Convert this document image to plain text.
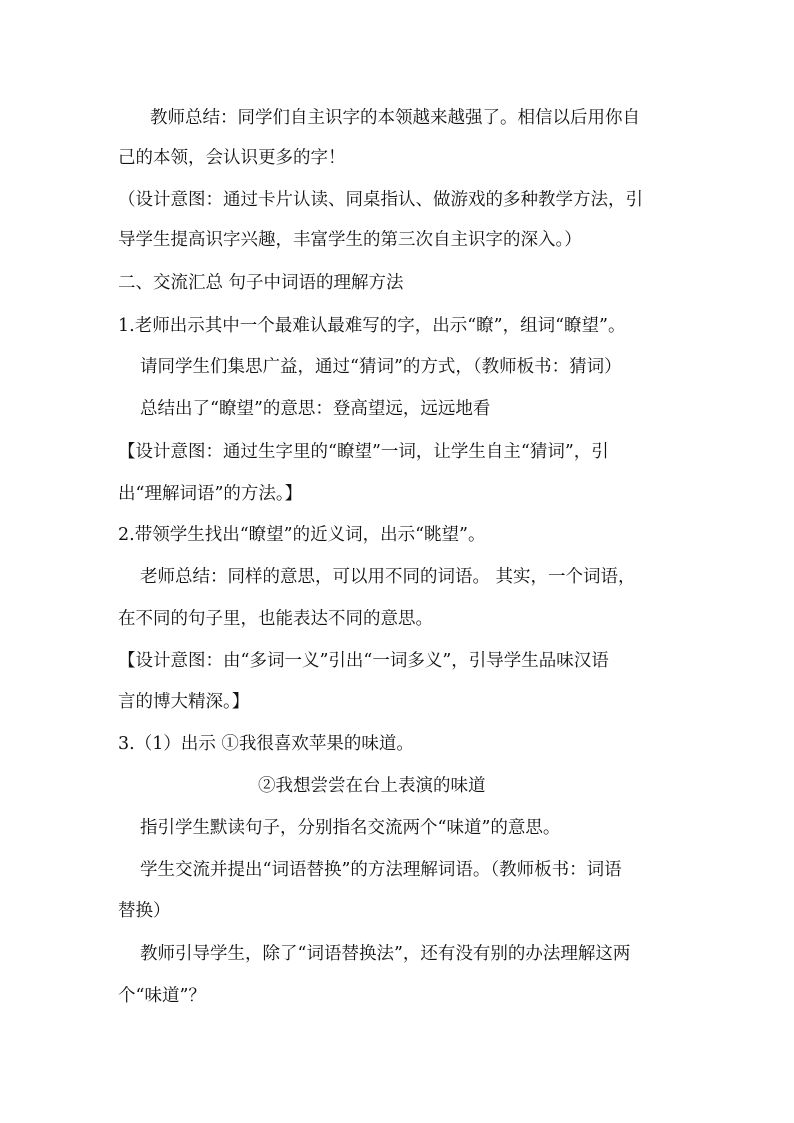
教师总结：同学们自主识字的本领越来越强了。相信以后用你自
己的本领，会认识更多的字！
（设计意图：通过卡片认读、同桌指认、做游戏的多种教学方法，引
导学生提高识字兴趣，丰富学生的第三次自主识字的深入。）
二、交流汇总 句子中词语的理解方法
1.老师出示其中一个最难认最难写的字，出示“瞭”，组词“瞭望”。
请同学生们集思广益，通过“猜词”的方式，（教师板书：猜词）
总结出了“瞭望”的意思：登高望远，远远地看
【设计意图：通过生字里的“瞭望”一词，让学生自主“猜词”，引
出“理解词语”的方法。】
2.带领学生找出“瞭望”的近义词，出示“眺望”。
老师总结：同样的意思，可以用不同的词语。 其实，一个词语，
在不同的句子里，也能表达不同的意思。
【设计意图：由“多词一义”引出“一词多义”，引导学生品味汉语
言的博大精深。】
3.（1）出示 ①我很喜欢苹果的味道。
②我想尝尝在台上表演的味道
指引学生默读句子，分别指名交流两个“味道”的意思。
学生交流并提出“词语替换”的方法理解词语。（教师板书：词语
替换）
教师引导学生，除了“词语替换法”，还有没有别的办法理解这两
个“味道”？
